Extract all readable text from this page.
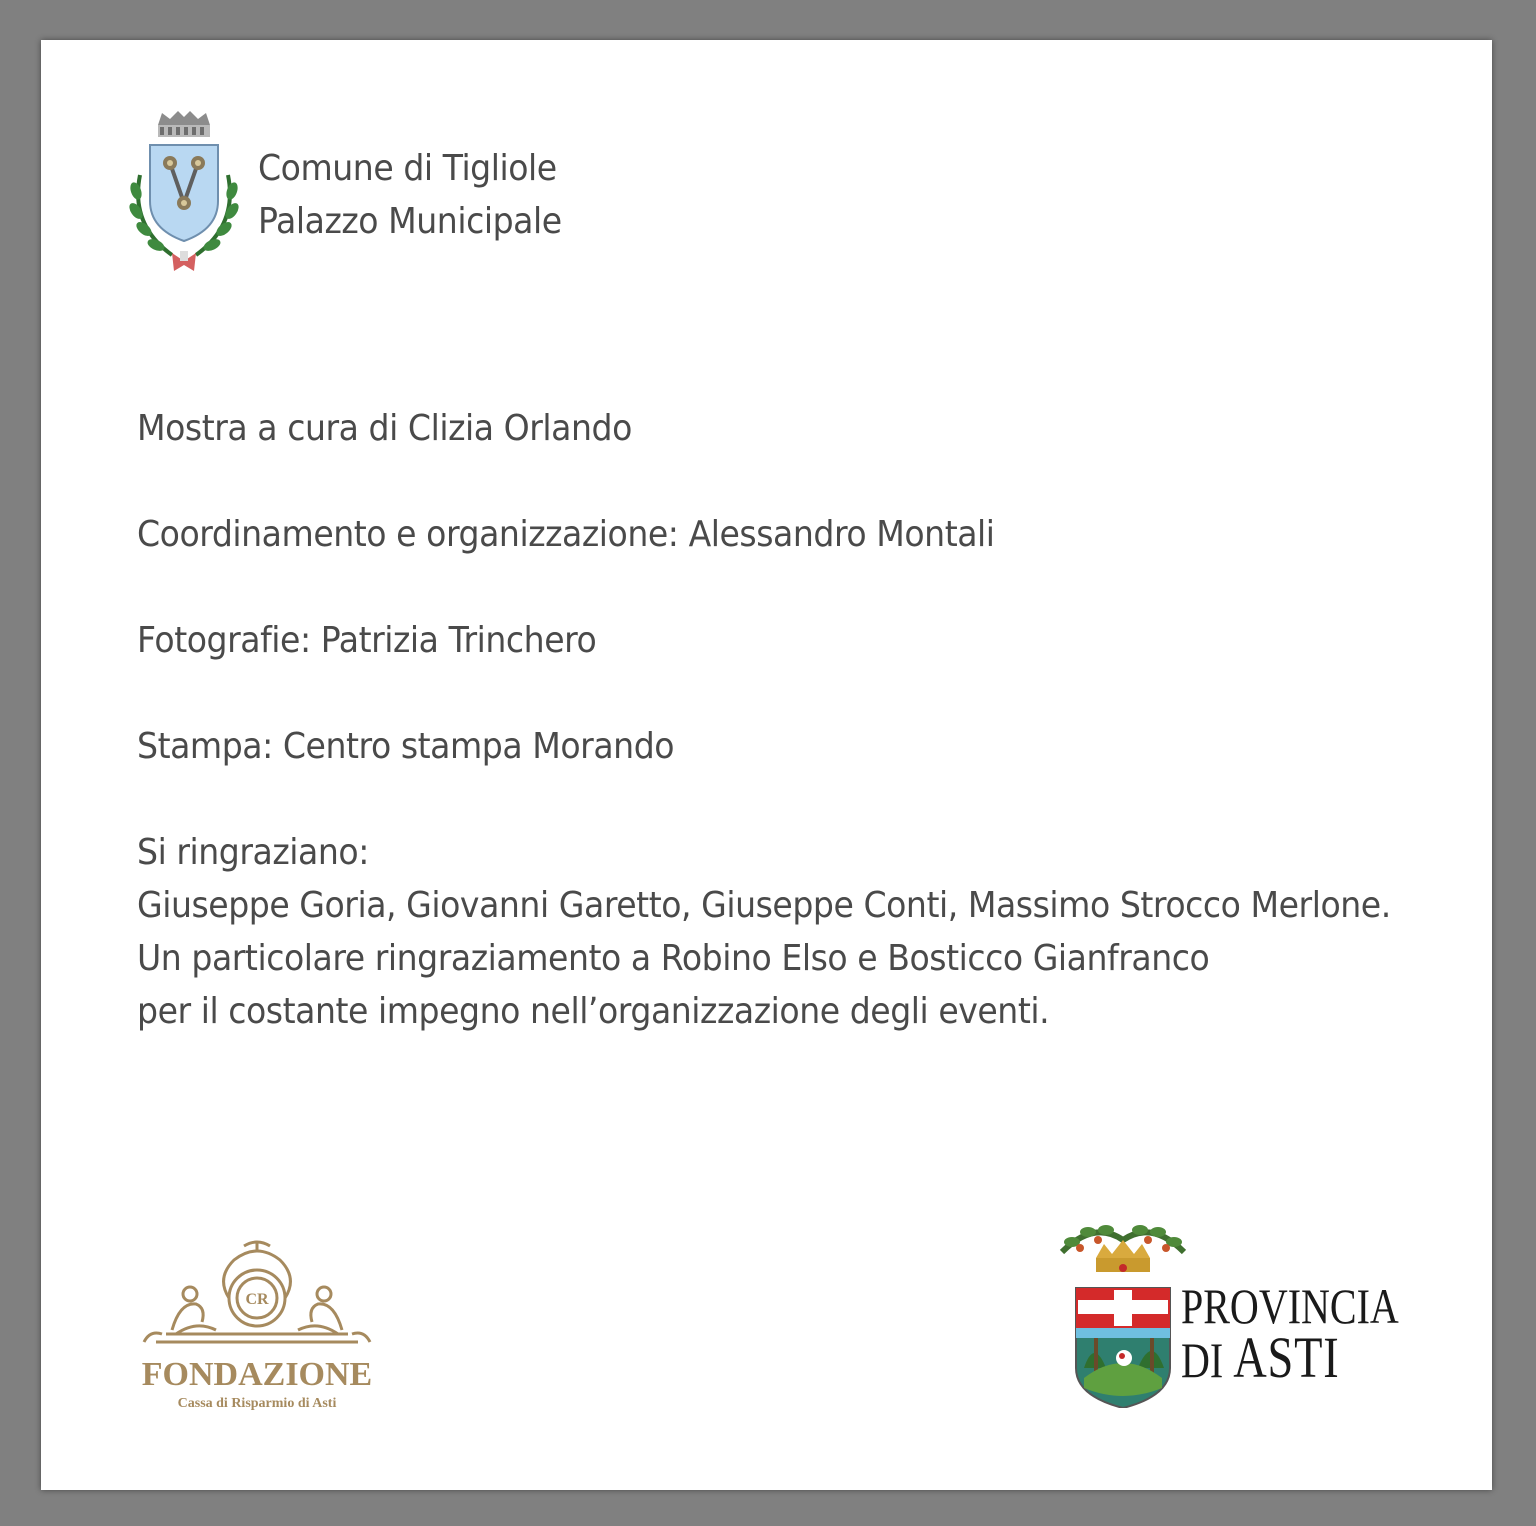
Comune di Tigliole
Palazzo Municipale
Mostra a cura di Clizia Orlando
Coordinamento e organizzazione: Alessandro Montali
Fotografie: Patrizia Trinchero
Stampa: Centro stampa Morando
Si ringraziano:
Giuseppe Goria, Giovanni Garetto, Giuseppe Conti, Massimo Strocco Merlone.
Un particolare ringraziamento a Robino Elso e Bosticco Gianfranco
per il costante impegno nell’organizzazione degli eventi.
CR
FONDAZIONE
Cassa di Risparmio di Asti
PROVINCIA
DI ASTI
